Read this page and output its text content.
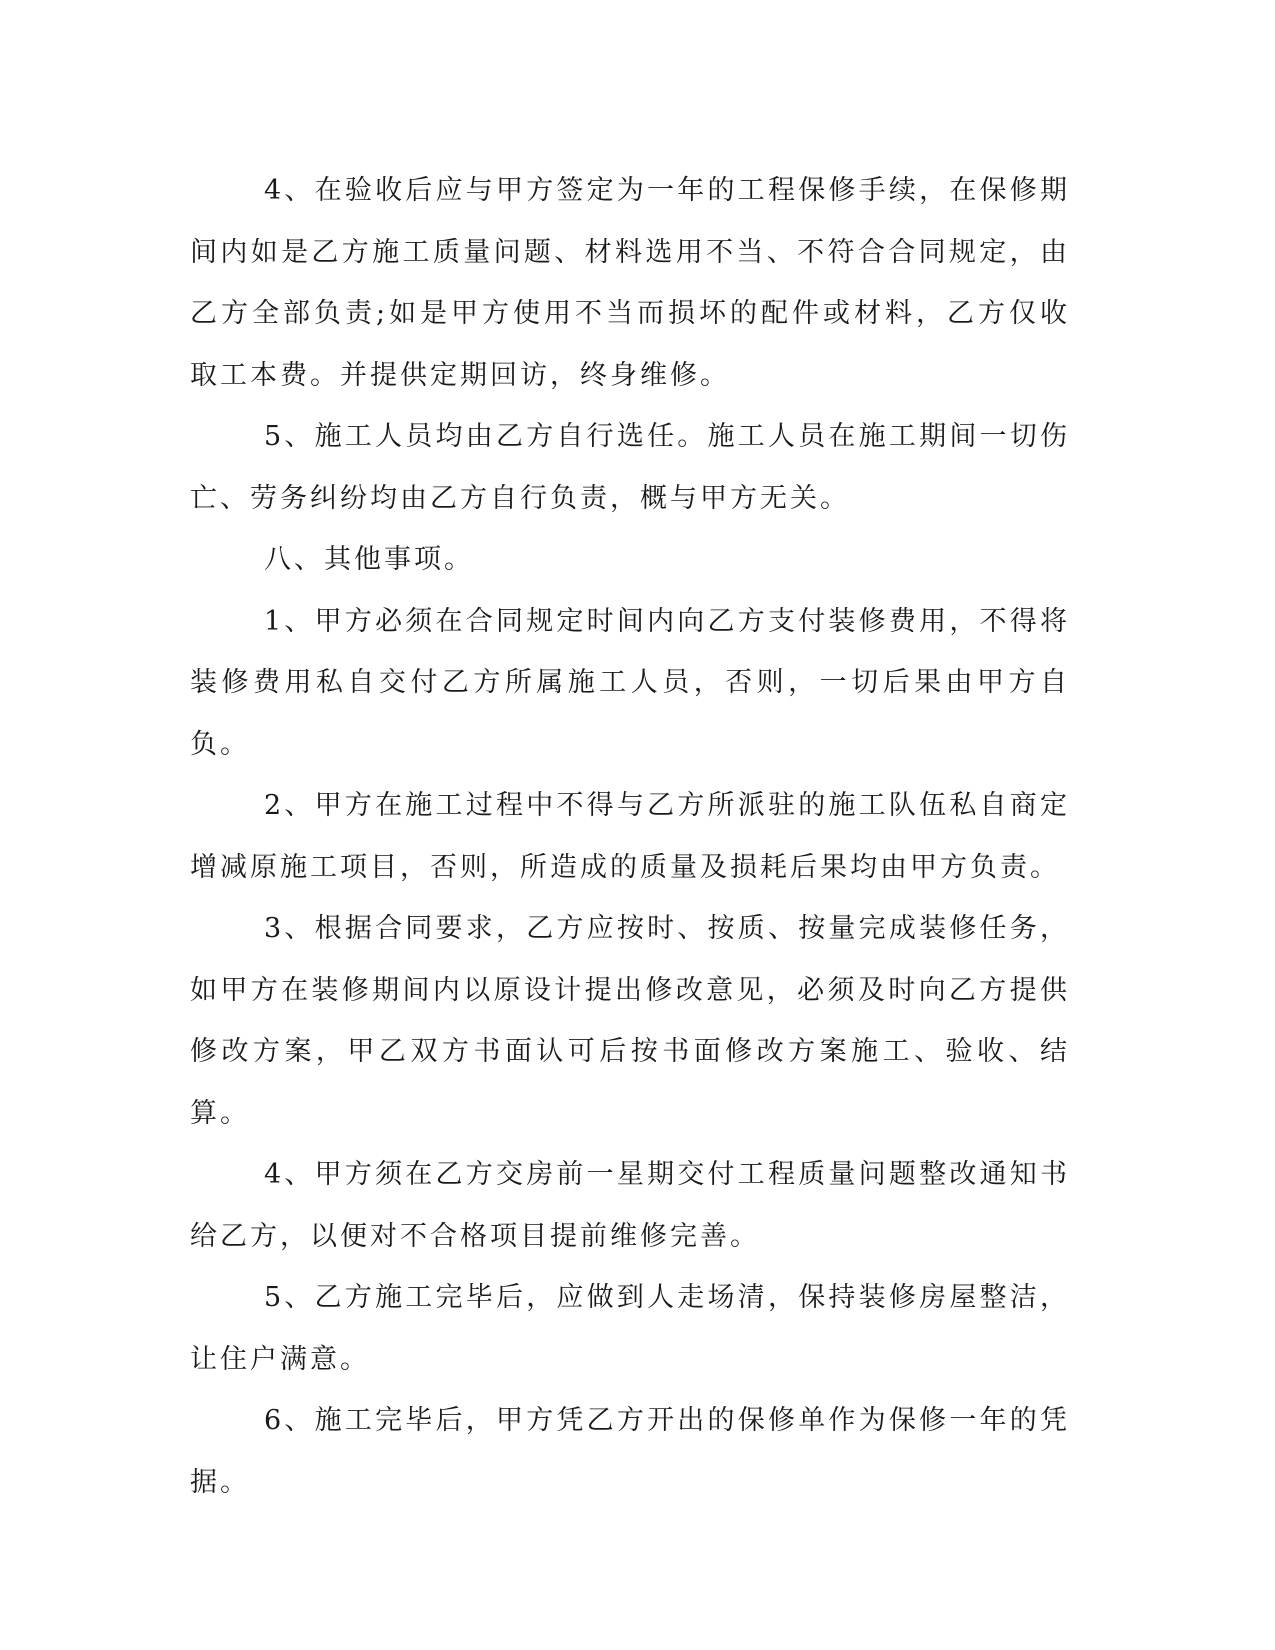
4、在验收后应与甲方签定为一年的工程保修手续，在保修期间内如是乙方施工质量问题、材料选用不当、不符合合同规定，由乙方全部负责;如是甲方使用不当而损坏的配件或材料，乙方仅收取工本费。并提供定期回访，终身维修。

5、施工人员均由乙方自行选任。施工人员在施工期间一切伤亡、劳务纠纷均由乙方自行负责，概与甲方无关。

八、其他事项。

1、甲方必须在合同规定时间内向乙方支付装修费用，不得将装修费用私自交付乙方所属施工人员，否则，一切后果由甲方自负。

2、甲方在施工过程中不得与乙方所派驻的施工队伍私自商定增减原施工项目，否则，所造成的质量及损耗后果均由甲方负责。

3、根据合同要求，乙方应按时、按质、按量完成装修任务，如甲方在装修期间内以原设计提出修改意见，必须及时向乙方提供修改方案，甲乙双方书面认可后按书面修改方案施工、验收、结算。

4、甲方须在乙方交房前一星期交付工程质量问题整改通知书给乙方，以便对不合格项目提前维修完善。

5、乙方施工完毕后，应做到人走场清，保持装修房屋整洁，让住户满意。

6、施工完毕后，甲方凭乙方开出的保修单作为保修一年的凭据。
